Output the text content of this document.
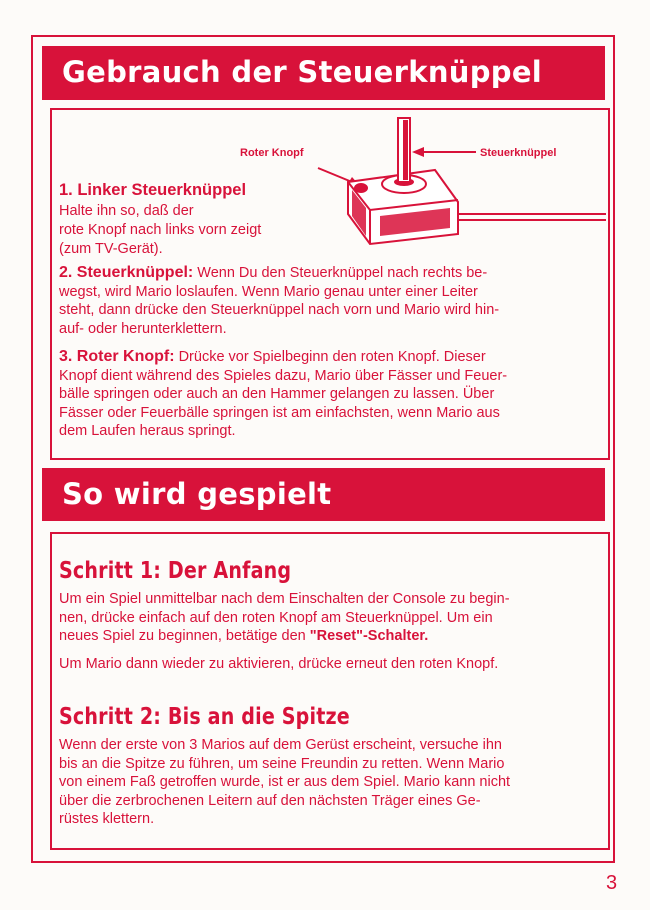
Gebrauch der Steuerknüppel
Roter Knopf	Steuerknüppel
1. Linker Steuerknüppel
Halte ihn so, daß der
rote Knopf nach links vorn zeigt
(zum TV-Gerät).
2. Steuerknüppel: Wenn Du den Steuerknüppel nach rechts be-
wegst, wird Mario loslaufen. Wenn Mario genau unter einer Leiter
steht, dann drücke den Steuerknüppel nach vorn und Mario wird hin-
auf- oder herunterklettern.
3. Roter Knopf: Drücke vor Spielbeginn den roten Knopf. Dieser
Knopf dient während des Spieles dazu, Mario über Fässer und Feuer-
bälle springen oder auch an den Hammer gelangen zu lassen. Über
Fässer oder Feuerbälle springen ist am einfachsten, wenn Mario aus
dem Laufen heraus springt.
So wird gespielt
Schritt 1: Der Anfang
Um ein Spiel unmittelbar nach dem Einschalten der Console zu begin-
nen, drücke einfach auf den roten Knopf am Steuerknüppel. Um ein
neues Spiel zu beginnen, betätige den "Reset"-Schalter.
Um Mario dann wieder zu aktivieren, drücke erneut den roten Knopf.
Schritt 2: Bis an die Spitze
Wenn der erste von 3 Marios auf dem Gerüst erscheint, versuche ihn
bis an die Spitze zu führen, um seine Freundin zu retten. Wenn Mario
von einem Faß getroffen wurde, ist er aus dem Spiel. Mario kann nicht
über die zerbrochenen Leitern auf den nächsten Träger eines Ge-
rüstes klettern.
3
